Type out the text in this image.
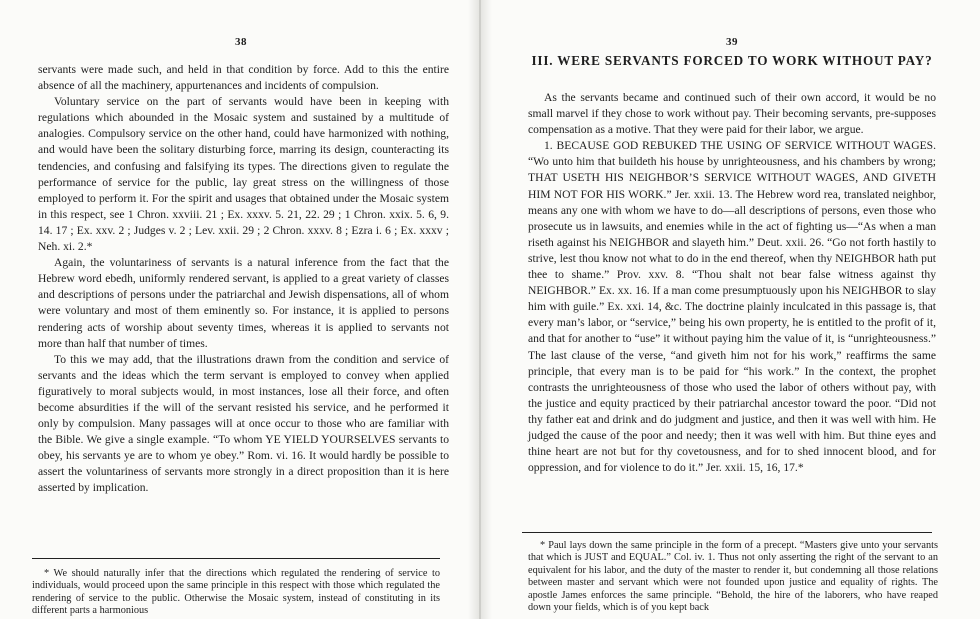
38

servants were made such, and held in that condition by force. Add to this the entire absence of all the machinery, appurtenances and incidents of compulsion.

Voluntary service on the part of servants would have been in keeping with regulations which abounded in the Mosaic system and sustained by a multitude of analogies. Compulsory service on the other hand, could have harmonized with nothing, and would have been the solitary disturbing force, marring its design, counteracting its tendencies, and confusing and falsifying its types. The directions given to regulate the performance of service for the public, lay great stress on the willingness of those employed to perform it. For the spirit and usages that obtained under the Mosaic system in this respect, see 1 Chron. xxviii. 21 ; Ex. xxxv. 5. 21, 22. 29 ; 1 Chron. xxix. 5. 6, 9. 14. 17 ; Ex. xxv. 2 ; Judges v. 2 ; Lev. xxii. 29 ; 2 Chron. xxxv. 8 ; Ezra i. 6 ; Ex. xxxv ; Neh. xi. 2.*

Again, the voluntariness of servants is a natural inference from the fact that the Hebrew word ebedh, uniformly rendered servant, is applied to a great variety of classes and descriptions of persons under the patriarchal and Jewish dispensations, all of whom were voluntary and most of them eminently so. For instance, it is applied to persons rendering acts of worship about seventy times, whereas it is applied to servants not more than half that number of times.

To this we may add, that the illustrations drawn from the condition and service of servants and the ideas which the term servant is employed to convey when applied figuratively to moral subjects would, in most instances, lose all their force, and often become absurdities if the will of the servant resisted his service, and he performed it only by compulsion. Many passages will at once occur to those who are familiar with the Bible. We give a single example. “To whom YE YIELD YOURSELVES servants to obey, his servants ye are to whom ye obey.” Rom. vi. 16. It would hardly be possible to assert the voluntariness of servants more strongly in a direct proposition than it is here asserted by implication.

* We should naturally infer that the directions which regulated the rendering of service to individuals, would proceed upon the same principle in this respect with those which regulated the rendering of service to the public. Otherwise the Mosaic system, instead of constituting in its different parts a harmonious

39
III. WERE SERVANTS FORCED TO WORK WITHOUT PAY?

As the servants became and continued such of their own accord, it would be no small marvel if they chose to work without pay. Their becoming servants, pre-supposes compensation as a motive. That they were paid for their labor, we argue.

1. BECAUSE GOD REBUKED THE USING OF SERVICE WITHOUT WAGES. “Wo unto him that buildeth his house by unrighteousness, and his chambers by wrong; THAT USETH HIS NEIGHBOR’S SERVICE WITHOUT WAGES, AND GIVETH HIM NOT FOR HIS WORK.” Jer. xxii. 13. The Hebrew word rea, translated neighbor, means any one with whom we have to do—all descriptions of persons, even those who prosecute us in lawsuits, and enemies while in the act of fighting us—“As when a man riseth against his NEIGHBOR and slayeth him.” Deut. xxii. 26. “Go not forth hastily to strive, lest thou know not what to do in the end thereof, when thy NEIGHBOR hath put thee to shame.” Prov. xxv. 8. “Thou shalt not bear false witness against thy NEIGHBOR.” Ex. xx. 16. If a man come presumptuously upon his NEIGHBOR to slay him with guile.” Ex. xxi. 14, &c. The doctrine plainly inculcated in this passage is, that every man’s labor, or “service,” being his own property, he is entitled to the profit of it, and that for another to “use” it without paying him the value of it, is “unrighteousness.” The last clause of the verse, “and giveth him not for his work,” reaffirms the same principle, that every man is to be paid for “his work.” In the context, the prophet contrasts the unrighteousness of those who used the labor of others without pay, with the justice and equity practiced by their patriarchal ancestor toward the poor. “Did not thy father eat and drink and do judgment and justice, and then it was well with him. He judged the cause of the poor and needy; then it was well with him. But thine eyes and thine heart are not but for thy covetousness, and for to shed innocent blood, and for oppression, and for violence to do it.” Jer. xxii. 15, 16, 17.*

* Paul lays down the same principle in the form of a precept. “Masters give unto your servants that which is JUST and EQUAL.” Col. iv. 1. Thus not only asserting the right of the servant to an equivalent for his labor, and the duty of the master to render it, but condemning all those relations between master and servant which were not founded upon justice and equality of rights. The apostle James enforces the same principle. “Behold, the hire of the laborers, who have reaped down your fields, which is of you kept back
